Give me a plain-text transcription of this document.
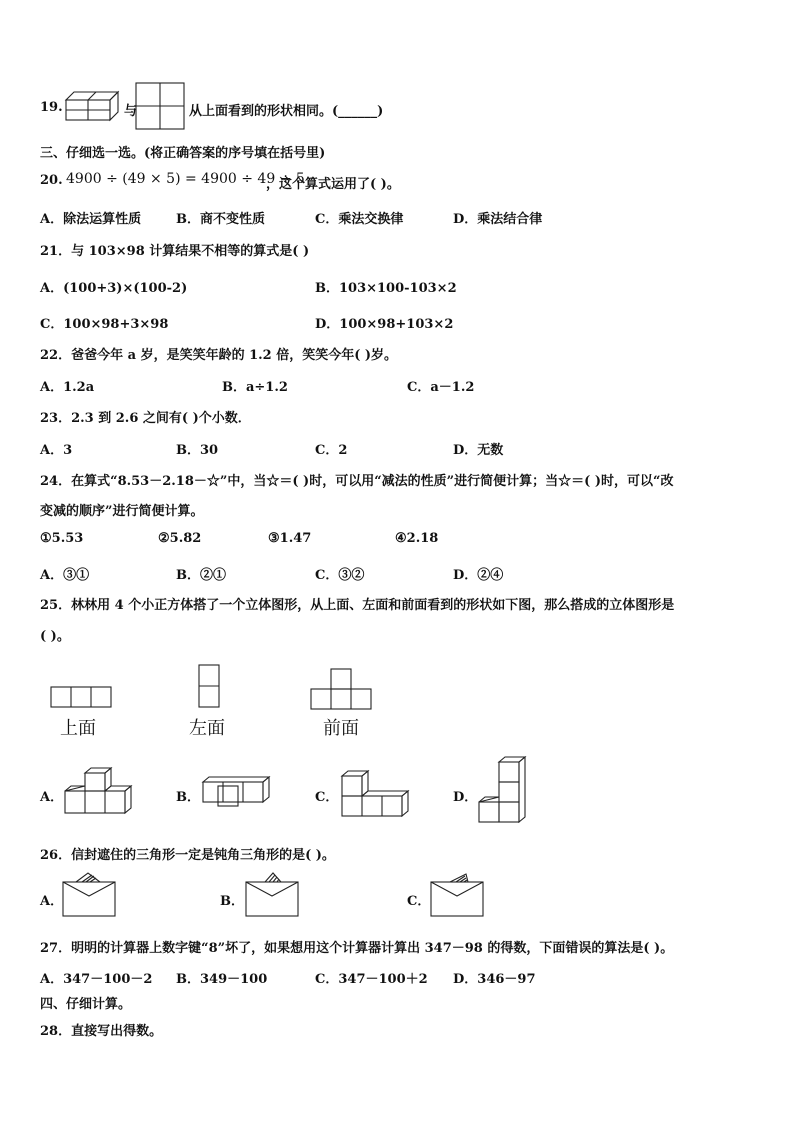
19.	与	从上面看到的形状相同。(______)
三、仔细选一选。(将正确答案的序号填在括号里)
20. 4900 ÷ (49 × 5) = 4900 ÷ 49 ÷ 5
，这个算式运用了( )。
A．除法运算性质	B．商不变性质	C．乘法交换律	D．乘法结合律
21．与 103×98 计算结果不相等的算式是( )
A．(100+3)×(100-2)	B．103×100-103×2
C．100×98+3×98	D．100×98+103×2
22．爸爸今年 a 岁，是笑笑年龄的 1.2 倍，笑笑今年( )岁。
A．1.2a	B．a÷1.2	C．a－1.2
23．2.3 到 2.6 之间有( )个小数．
A．3	B．30	C．2	D．无数
24．在算式“8.53－2.18－☆”中，当☆＝( )时，可以用“减法的性质”进行简便计算；当☆＝( )时，可以“改
变减的顺序”进行简便计算。
①5.53	②5.82	③1.47	④2.18
A．③①	B．②①	C．③②	D．②④
25．林林用 4 个小正方体搭了一个立体图形，从上面、左面和前面看到的形状如下图，那么搭成的立体图形是
( )。
上面	左面	前面
A．	B．	C．	D．
26．信封遮住的三角形一定是钝角三角形的是( )。
A．	B．	C．
27．明明的计算器上数字键“8”坏了，如果想用这个计算器计算出 347－98 的得数，下面错误的算法是( )。
A．347－100－2 B．349－100	C．347－100＋2 D．346－97
四、仔细计算。
28．直接写出得数。
